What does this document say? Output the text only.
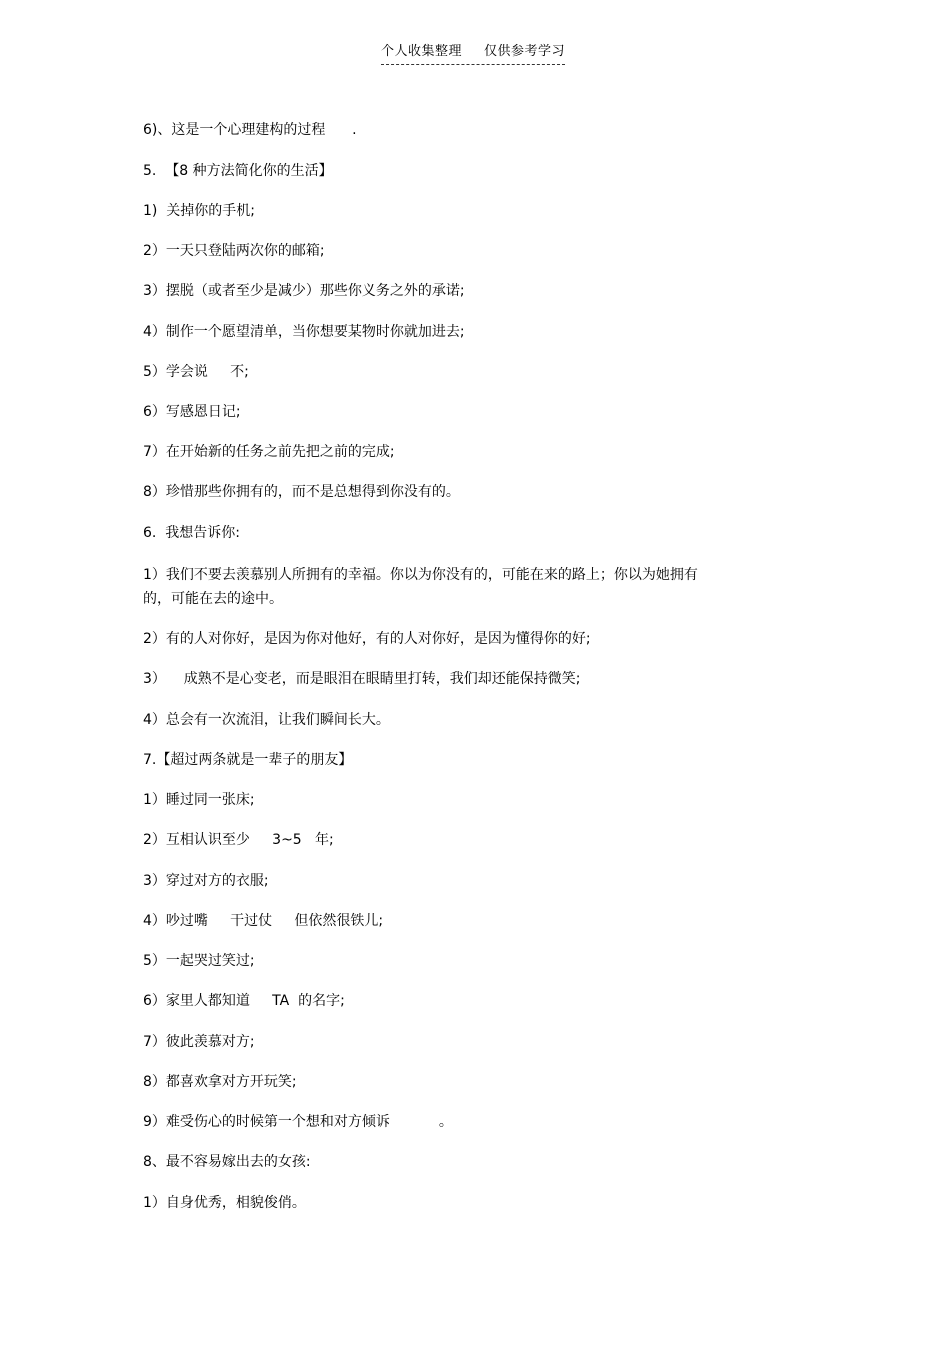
个人收集整理 仅供参考学习
6)、这是一个心理建构的过程      .
5.  【8 种方法简化你的生活】
1)  关掉你的手机;
2）一天只登陆两次你的邮箱;
3）摆脱（或者至少是减少）那些你义务之外的承诺;
4）制作一个愿望清单，当你想要某物时你就加进去;
5）学会说     不;
6）写感恩日记;
7）在开始新的任务之前先把之前的完成;
8）珍惜那些你拥有的，而不是总想得到你没有的。
6.  我想告诉你:
1）我们不要去羡慕别人所拥有的幸福。你以为你没有的，可能在来的路上；你以为她拥有
的，可能在去的途中。
2）有的人对你好，是因为你对他好，有的人对你好，是因为懂得你的好;
3）    成熟不是心变老，而是眼泪在眼睛里打转，我们却还能保持微笑;
4）总会有一次流泪，让我们瞬间长大。
7.【超过两条就是一辈子的朋友】
1）睡过同一张床;
2）互相认识至少     3~5   年;
3）穿过对方的衣服;
4）吵过嘴     干过仗     但依然很铁儿;
5）一起哭过笑过;
6）家里人都知道     TA  的名字;
7）彼此羡慕对方;
8）都喜欢拿对方开玩笑;
9）难受伤心的时候第一个想和对方倾诉           。
8、最不容易嫁出去的女孩:
1）自身优秀，相貌俊俏。
